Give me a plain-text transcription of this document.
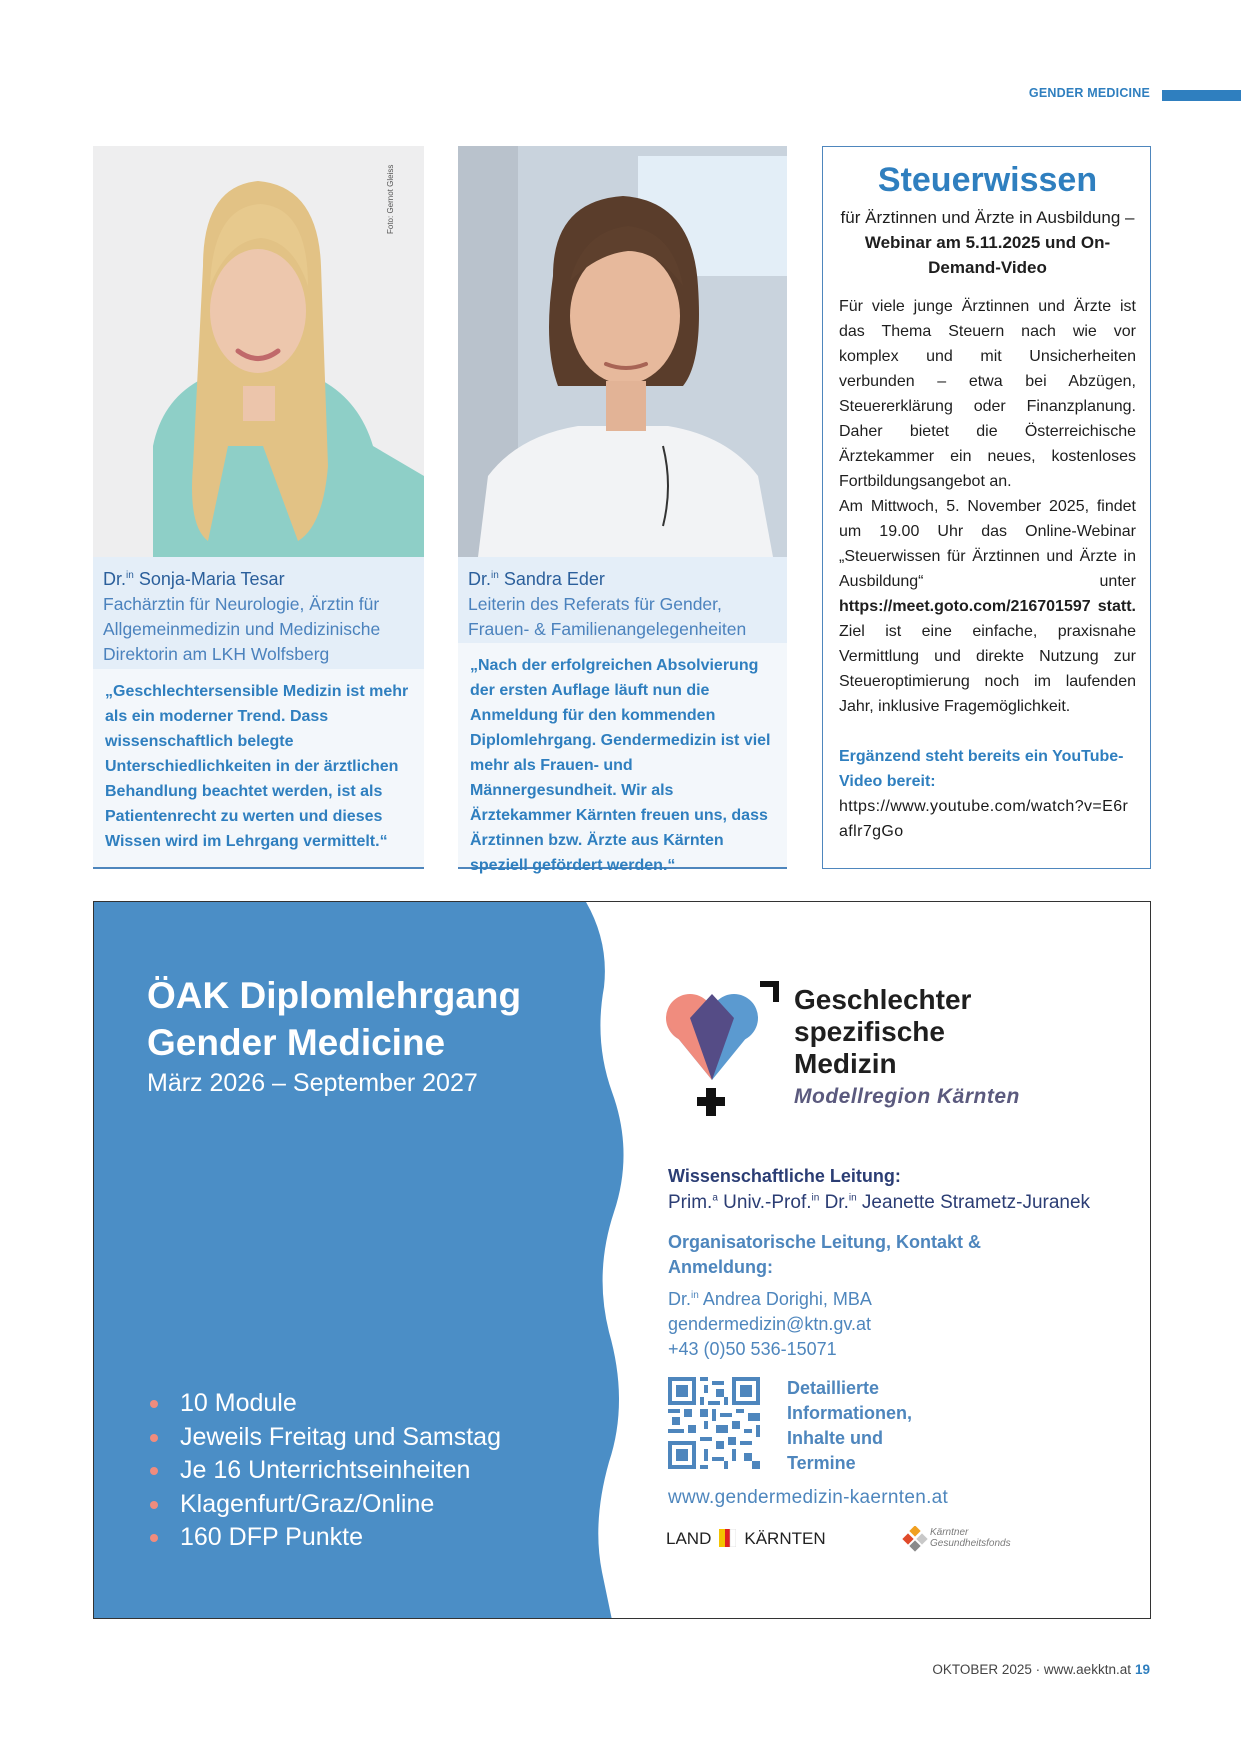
GENDER MEDICINE
Foto: Gernot Gleiss
Dr.$^{in}$ Sonja-Maria Tesar
Fachärztin für Neurologie, Ärztin für Allgemeinmedizin und Medizinische Direktorin am LKH Wolfsberg
„Geschlechtersensible Medizin ist mehr als ein moderner Trend. Dass wissenschaftlich belegte Unterschiedlichkeiten in der ärztlichen Behandlung beachtet werden, ist als Patientenrecht zu werten und dieses Wissen wird im Lehrgang vermittelt.“
Dr.$^{in}$ Sandra Eder
Leiterin des Referats für Gender, Frauen- & Familienangelegenheiten
„Nach der erfolgreichen Absolvierung der ersten Auflage läuft nun die Anmeldung für den kommenden Diplomlehrgang. Gendermedizin ist viel mehr als Frauen- und Männergesundheit. Wir als Ärztekammer Kärnten freuen uns, dass Ärztinnen bzw. Ärzte aus Kärnten speziell gefördert werden.“
Steuerwissen
für Ärztinnen und Ärzte in Ausbildung – Webinar am 5.11.2025 und On-Demand-Video
Für viele junge Ärztinnen und Ärzte ist das Thema Steuern nach wie vor komplex und mit Unsicherheiten verbunden – etwa bei Abzügen, Steuererklärung oder Finanzplanung. Daher bietet die Österreichische Ärztekammer ein neues, kostenloses Fortbildungsangebot an.
Am Mittwoch, 5. November 2025, findet um 19.00 Uhr das Online-Webinar „Steuerwissen für Ärztinnen und Ärzte in Ausbildung“ unter https://meet.goto.com/216701597 statt. Ziel ist eine einfache, praxisnahe Vermittlung und direkte Nutzung zur Steueroptimierung noch im laufenden Jahr, inklusive Fragemöglichkeit.
Ergänzend steht bereits ein YouTube-Video bereit:
https://www.youtube.com/watch?v=E6raflr7gGo
ÖAK Diplomlehrgang
Gender Medicine
März 2026 – September 2027
10 Module
Jeweils Freitag und Samstag
Je 16 Unterrichtseinheiten
Klagenfurt/Graz/Online
160 DFP Punkte
Geschlechter
spezifische
Medizin
Modellregion Kärnten
Wissenschaftliche Leitung:
Prim.$^a$ Univ.-Prof.$^{in}$ Dr.$^{in}$ Jeanette Strametz-Juranek
Organisatorische Leitung, Kontakt & Anmeldung:
Dr.$^{in}$ Andrea Dorighi, MBA
gendermedizin@ktn.gv.at
+43 (0)50 536-15071
Detaillierte
Informationen,
Inhalte und
Termine
www.gendermedizin-kaernten.at
LAND KÄRNTEN	Kärntner
Gesundheitsfonds
OKTOBER 2025 · www.aekktn.at 19
